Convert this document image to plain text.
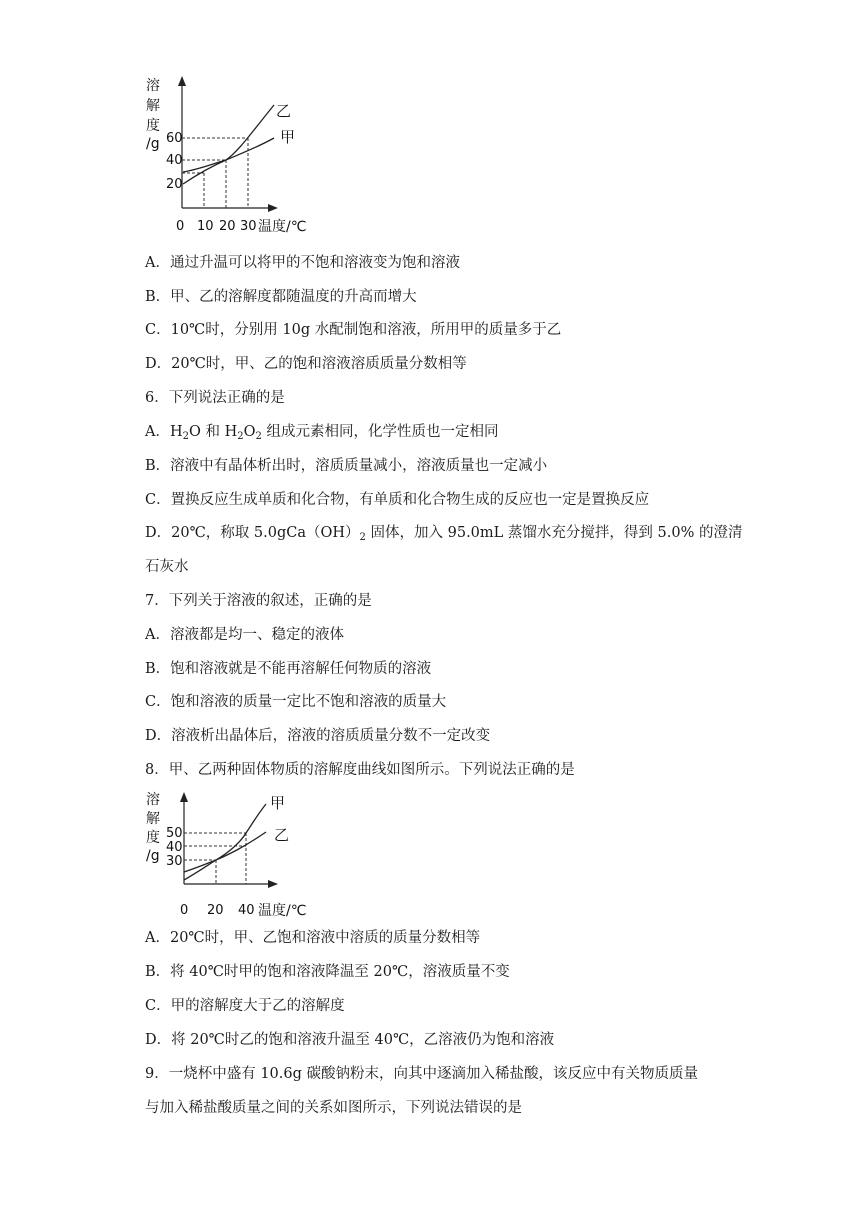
溶
解
度
/g
20
40
60
乙
甲
0 10 20 30 温度/℃
A．通过升温可以将甲的不饱和溶液变为饱和溶液
B．甲、乙的溶解度都随温度的升高而增大
C．10℃时，分别用 10g 水配制饱和溶液，所用甲的质量多于乙
D．20℃时，甲、乙的饱和溶液溶质质量分数相等
6．下列说法正确的是
A．$H_2O$ 和 $H_2O_2$ 组成元素相同，化学性质也一定相同
B．溶液中有晶体析出时，溶质质量减小，溶液质量也一定减小
C．置换反应生成单质和化合物，有单质和化合物生成的反应也一定是置换反应
D．20℃，称取 $5.0gCa(OH)_2$ 固体，加入 95.0mL 蒸馏水充分搅拌，得到 5.0% 的澄清
石灰水
7．下列关于溶液的叙述，正确的是
A．溶液都是均一、稳定的液体
B．饱和溶液就是不能再溶解任何物质的溶液
C．饱和溶液的质量一定比不饱和溶液的质量大
D．溶液析出晶体后，溶液的溶质质量分数不一定改变
8．甲、乙两种固体物质的溶解度曲线如图所示。下列说法正确的是
溶
解
度
/g 30
40
50
甲
乙
0 20 40 温度/℃
A．20℃时，甲、乙饱和溶液中溶质的质量分数相等
B．将 40℃时甲的饱和溶液降温至 20℃，溶液质量不变
C．甲的溶解度大于乙的溶解度
D．将 20℃时乙的饱和溶液升温至 40℃，乙溶液仍为饱和溶液
9．一烧杯中盛有 10.6g 碳酸钠粉末，向其中逐滴加入稀盐酸，该反应中有关物质质量
与加入稀盐酸质量之间的关系如图所示，下列说法错误的是
